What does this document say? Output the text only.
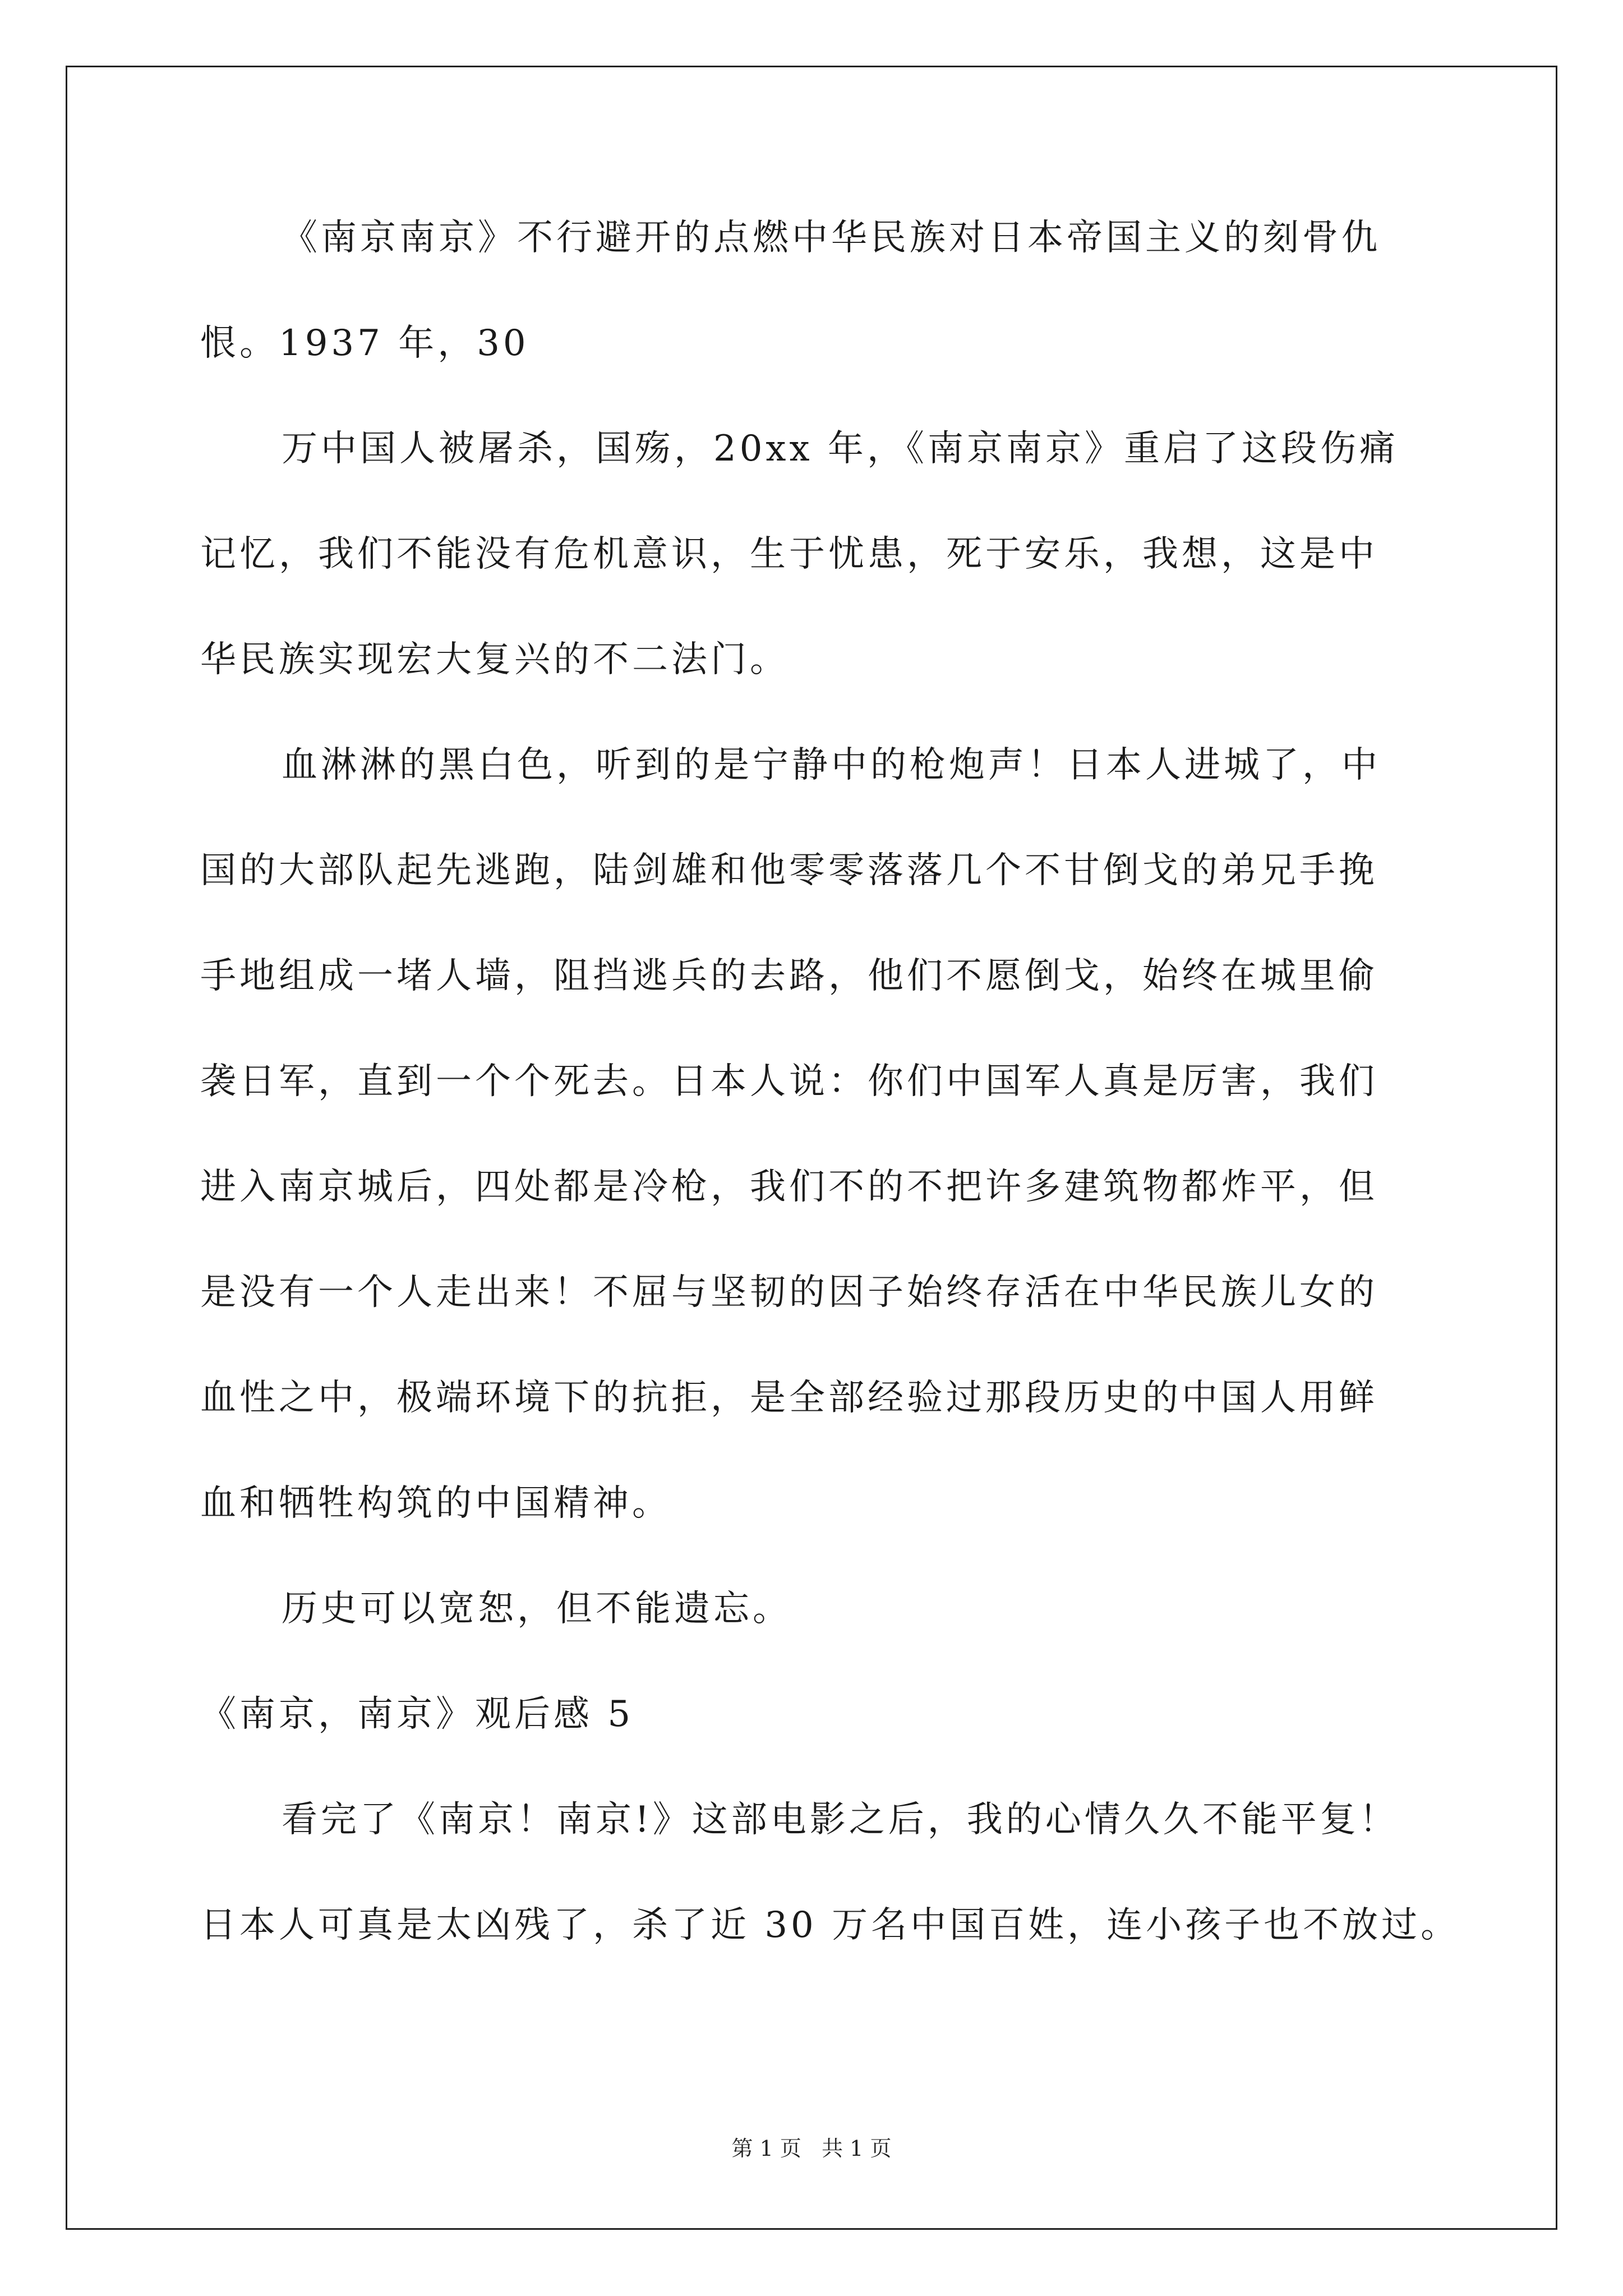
《南京南京》不行避开的点燃中华民族对日本帝国主义的刻骨仇
恨。1937 年，30
万中国人被屠杀，国殇，20xx 年，《南京南京》重启了这段伤痛
记忆，我们不能没有危机意识，生于忧患，死于安乐，我想，这是中
华民族实现宏大复兴的不二法门。
血淋淋的黑白色，听到的是宁静中的枪炮声！日本人进城了，中
国的大部队起先逃跑，陆剑雄和他零零落落几个不甘倒戈的弟兄手挽
手地组成一堵人墙，阻挡逃兵的去路，他们不愿倒戈，始终在城里偷
袭日军，直到一个个死去。日本人说：你们中国军人真是厉害，我们
进入南京城后，四处都是冷枪，我们不的不把许多建筑物都炸平，但
是没有一个人走出来！不屈与坚韧的因子始终存活在中华民族儿女的
血性之中，极端环境下的抗拒，是全部经验过那段历史的中国人用鲜
血和牺牲构筑的中国精神。
历史可以宽恕，但不能遗忘。
《南京，南京》观后感 5
看完了《南京！南京!》这部电影之后，我的心情久久不能平复！
日本人可真是太凶残了，杀了近 30 万名中国百姓，连小孩子也不放过。
第 1 页   共 1 页
